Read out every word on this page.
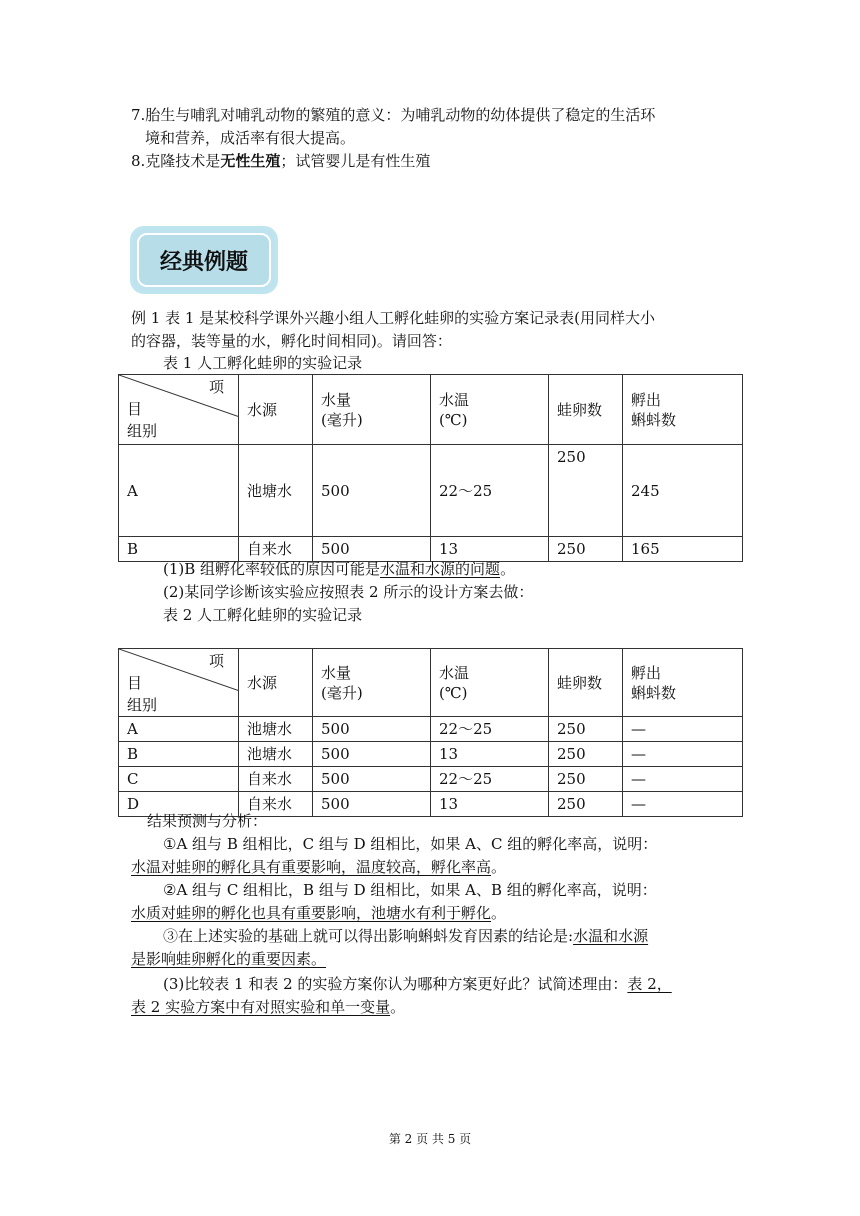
7.胎生与哺乳对哺乳动物的繁殖的意义：为哺乳动物的幼体提供了稳定的生活环

境和营养，成活率有很大提高。

8.克隆技术是无性生殖；试管婴儿是有性生殖

经典例题

例 1 表 1 是某校科学课外兴趣小组人工孵化蛙卵的实验方案记录表(用同样大小

的容器，装等量的水，孵化时间相同)。请回答：

表 1 人工孵化蛙卵的实验记录

项
目
组别	水源	水量
(毫升)	水温
(℃)	蛙卵数	孵出
蝌蚪数

A	池塘水	500	22～25	250	245
B	自来水	500	13	250	165

(1)B 组孵化率较低的原因可能是水温和水源的问题。

(2)某同学诊断该实验应按照表 2 所示的设计方案去做：

表 2 人工孵化蛙卵的实验记录

项
目
组别	水源	水量
(毫升)	水温
(℃)	蛙卵数	孵出
蝌蚪数

A	池塘水	500	22～25	250	—
B	池塘水	500	13	250	—
C	自来水	500	22～25	250	—
D	自来水	500	13	250	—

结果预测与分析：

①A 组与 B 组相比，C 组与 D 组相比，如果 A、C 组的孵化率高，说明：

水温对蛙卵的孵化具有重要影响，温度较高，孵化率高。

②A 组与 C 组相比，B 组与 D 组相比，如果 A、B 组的孵化率高，说明：

水质对蛙卵的孵化也具有重要影响，池塘水有利于孵化。

③在上述实验的基础上就可以得出影响蝌蚪发育因素的结论是:水温和水源

是影响蛙卵孵化的重要因素。

(3)比较表 1 和表 2 的实验方案你认为哪种方案更好此？试简述理由：表 2，

表 2 实验方案中有对照实验和单一变量。

第 2 页 共 5 页
